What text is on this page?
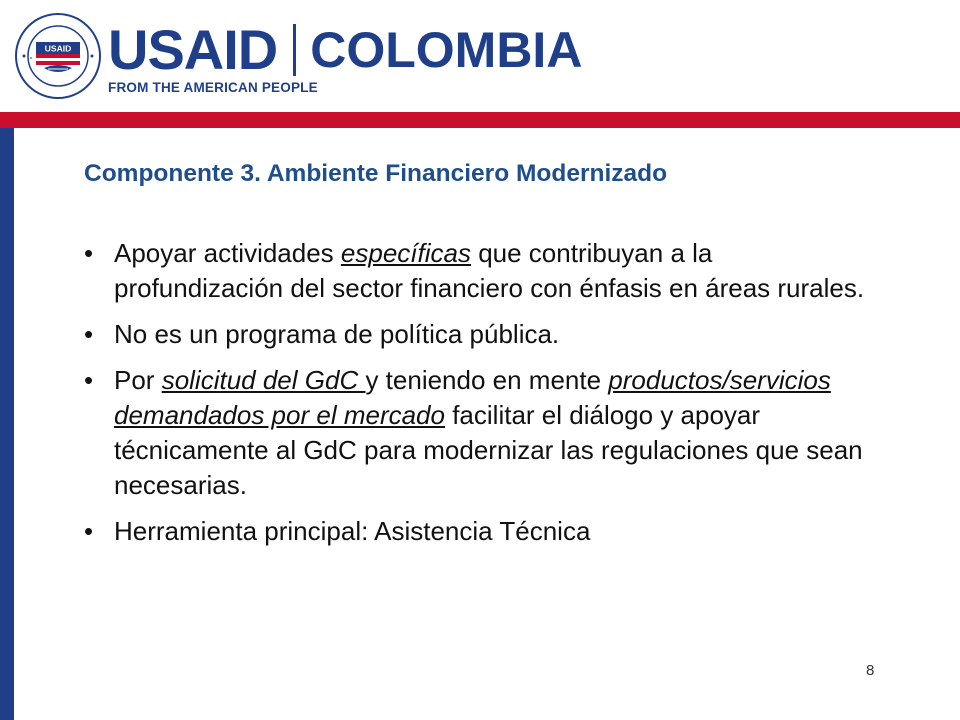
USAID USAID COLOMBIA
FROM THE AMERICAN PEOPLE
Componente 3. Ambiente Financiero Modernizado
• Apoyar actividades específicas que contribuyan a la profundización del sector financiero con énfasis en áreas rurales.
• No es un programa de política pública.
• Por solicitud del GdC y teniendo en mente productos/servicios demandados por el mercado facilitar el diálogo y apoyar técnicamente al GdC para modernizar las regulaciones que sean necesarias.
• Herramienta principal: Asistencia Técnica
8
